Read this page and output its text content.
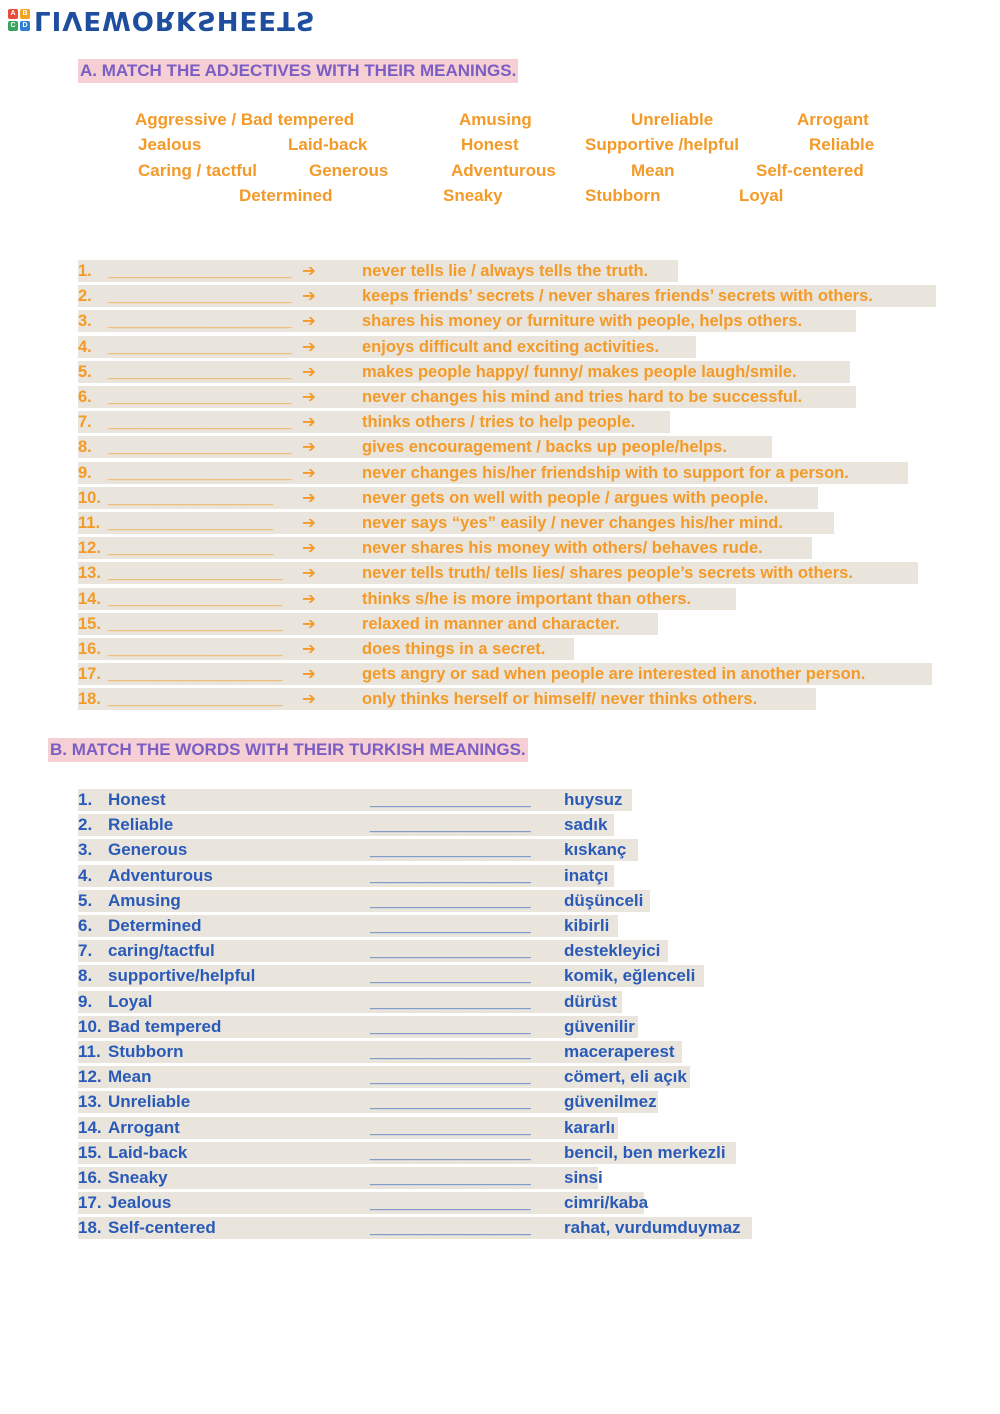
A B
C D LIVEWORKSHEETS
A. MATCH THE ADJECTIVES WITH THEIR MEANINGS.
Aggressive / Bad tempered	Amusing	Unreliable	Arrogant
Jealous	Laid-back	Honest	Supportive /helpful	Reliable
Caring / tactful	Generous	Adventurous	Mean	Self-centered
Determined	Sneaky	Stubborn	Loyal
1. ____________________ ➔	never tells lie / always tells the truth.
2. ____________________ ➔	keeps friends’ secrets / never shares friends’ secrets with others.
3. ____________________ ➔	shares his money or furniture with people, helps others.
4. ____________________ ➔	enjoys difficult and exciting activities.
5. ____________________ ➔	makes people happy/ funny/ makes people laugh/smile.
6. ____________________ ➔	never changes his mind and tries hard to be successful.
7. ____________________ ➔	thinks others / tries to help people.
8. ____________________ ➔	gives encouragement / backs up people/helps.
9. ____________________ ➔	never changes his/her friendship with to support for a person.
10. __________________ ➔	never gets on well with people / argues with people.
11. __________________ ➔	never says “yes” easily / never changes his/her mind.
12. __________________ ➔	never shares his money with others/ behaves rude.
13. ___________________ ➔	never tells truth/ tells lies/ shares people’s secrets with others.
14. ___________________ ➔	thinks s/he is more important than others.
15. ___________________ ➔	relaxed in manner and character.
16. ___________________ ➔	does things in a secret.
17. ___________________ ➔	gets angry or sad when people are interested in another person.
18. ___________________ ➔	only thinks herself or himself/ never thinks others.
B. MATCH THE WORDS WITH THEIR TURKISH MEANINGS.
1. Honest	_________________ huysuz
2. Reliable	_________________ sadık
3. Generous	_________________ kıskanç
4. Adventurous	_________________ inatçı
5. Amusing	_________________ düşünceli
6. Determined	_________________ kibirli
7. caring/tactful	_________________ destekleyici
8. supportive/helpful	_________________ komik, eğlenceli
9. Loyal	_________________ dürüst
10. Bad tempered	_________________ güvenilir
11. Stubborn	_________________ maceraperest
12. Mean	_________________ cömert, eli açık
13. Unreliable	_________________ güvenilmez
14. Arrogant	_________________ kararlı
15. Laid-back	_________________ bencil, ben merkezli
16. Sneaky	_________________ sinsi
17. Jealous	_________________ cimri/kaba
18. Self-centered	_________________ rahat, vurdumduymaz
